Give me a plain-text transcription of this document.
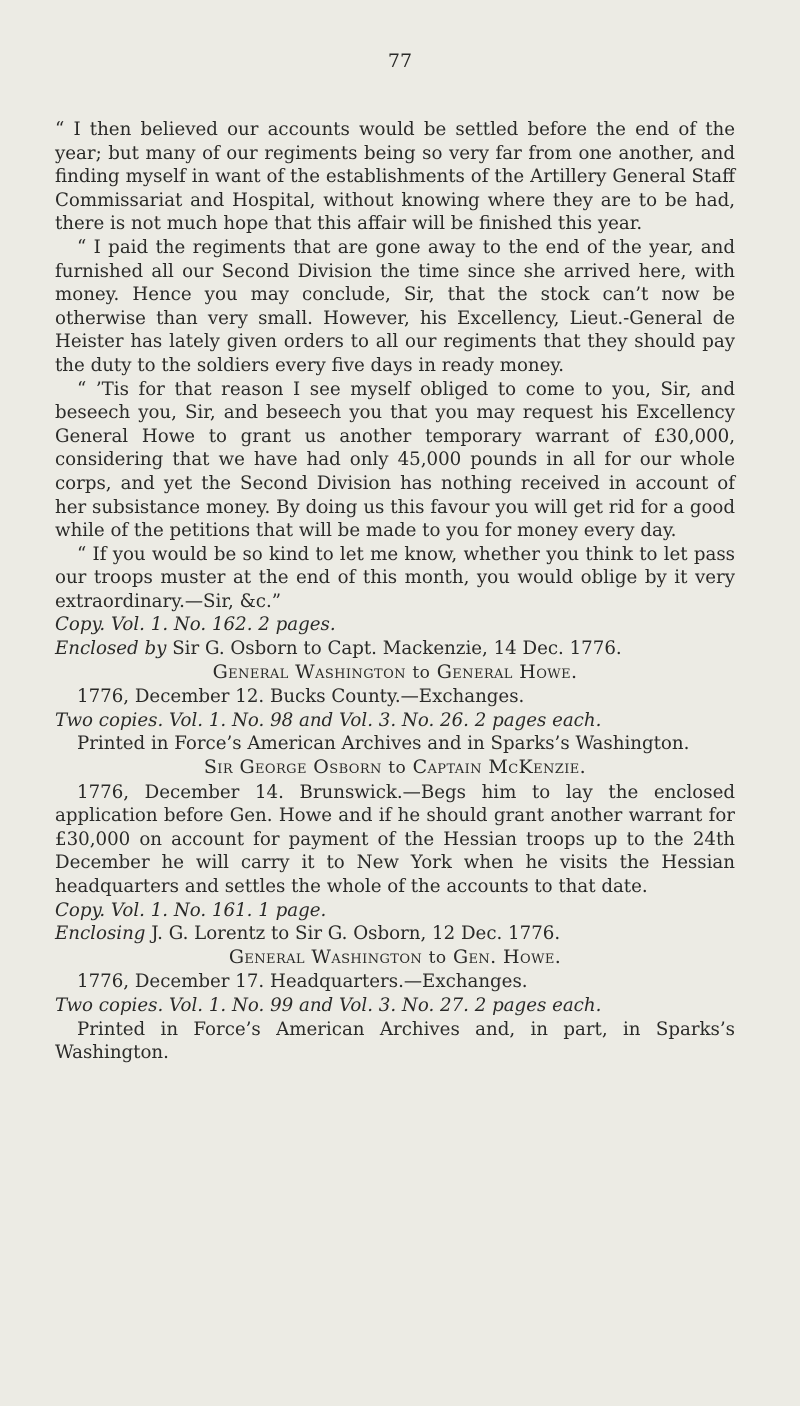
77

“ I then believed our accounts would be settled before the end of the year; but many of our regiments being so very far from one another, and finding myself in want of the establishments of the Artillery General Staff Commissariat and Hospital, without knowing where they are to be had, there is not much hope that this affair will be finished this year.

“ I paid the regiments that are gone away to the end of the year, and furnished all our Second Division the time since she arrived here, with money. Hence you may conclude, Sir, that the stock can’t now be otherwise than very small. However, his Excellency, Lieut.-General de Heister has lately given orders to all our regiments that they should pay the duty to the soldiers every five days in ready money.

“ ’Tis for that reason I see myself obliged to come to you, Sir, and beseech you, Sir, and beseech you that you may request his Excellency General Howe to grant us another temporary warrant of £30,000, considering that we have had only 45,000 pounds in all for our whole corps, and yet the Second Division has nothing received in account of her subsistance money. By doing us this favour you will get rid for a good while of the petitions that will be made to you for money every day.

“ If you would be so kind to let me know, whether you think to let pass our troops muster at the end of this month, you would oblige by it very extraordinary.—Sir, &c.”

Copy. Vol. 1. No. 162. 2 pages.

Enclosed by Sir G. Osborn to Capt. Mackenzie, 14 Dec. 1776.

General Washington to General Howe.

1776, December 12. Bucks County.—Exchanges.

Two copies. Vol. 1. No. 98 and Vol. 3. No. 26. 2 pages each.

Printed in Force’s American Archives and in Sparks’s Washington.

Sir George Osborn to Captain McKenzie.

1776, December 14. Brunswick.—Begs him to lay the enclosed application before Gen. Howe and if he should grant another warrant for £30,000 on account for payment of the Hessian troops up to the 24th December he will carry it to New York when he visits the Hessian headquarters and settles the whole of the accounts to that date.

Copy. Vol. 1. No. 161. 1 page.

Enclosing J. G. Lorentz to Sir G. Osborn, 12 Dec. 1776.

General Washington to Gen. Howe.

1776, December 17. Headquarters.—Exchanges.

Two copies. Vol. 1. No. 99 and Vol. 3. No. 27. 2 pages each.

Printed in Force’s American Archives and, in part, in Sparks’s Washington.
